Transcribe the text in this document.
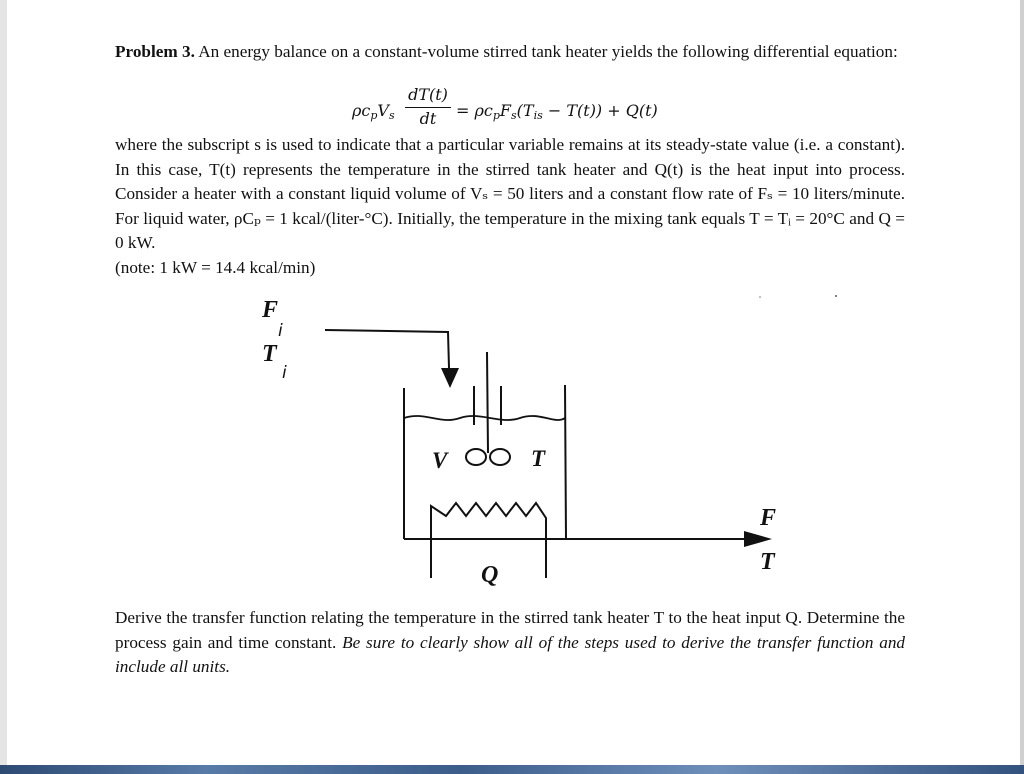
Problem 3. An energy balance on a constant-volume stirred tank heater yields the following differential equation:

$\rho c_pV_s$
dT(t)
dt	= $\rho c_pF_s(T_{is} - T(t)) + Q(t)$

where the subscript s is used to indicate that a particular variable remains at its steady-state value (i.e. a constant). In this case, T(t) represents the temperature in the stirred tank heater and Q(t) is the heat input into process. Consider a heater with a constant liquid volume of Vₛ = 50 liters and a constant flow rate of Fₛ = 10 liters/minute. For liquid water, ρCₚ = 1 kcal/(liter-°C). Initially, the temperature in the mixing tank equals T = Tᵢ = 20°C and Q = 0 kW.
(note: 1 kW = 14.4 kcal/min)

F
i
T
i
V	T
Q
F
T

Derive the transfer function relating the temperature in the stirred tank heater T to the heat input Q. Determine the process gain and time constant. Be sure to clearly show all of the steps used to derive the transfer function and include all units.
